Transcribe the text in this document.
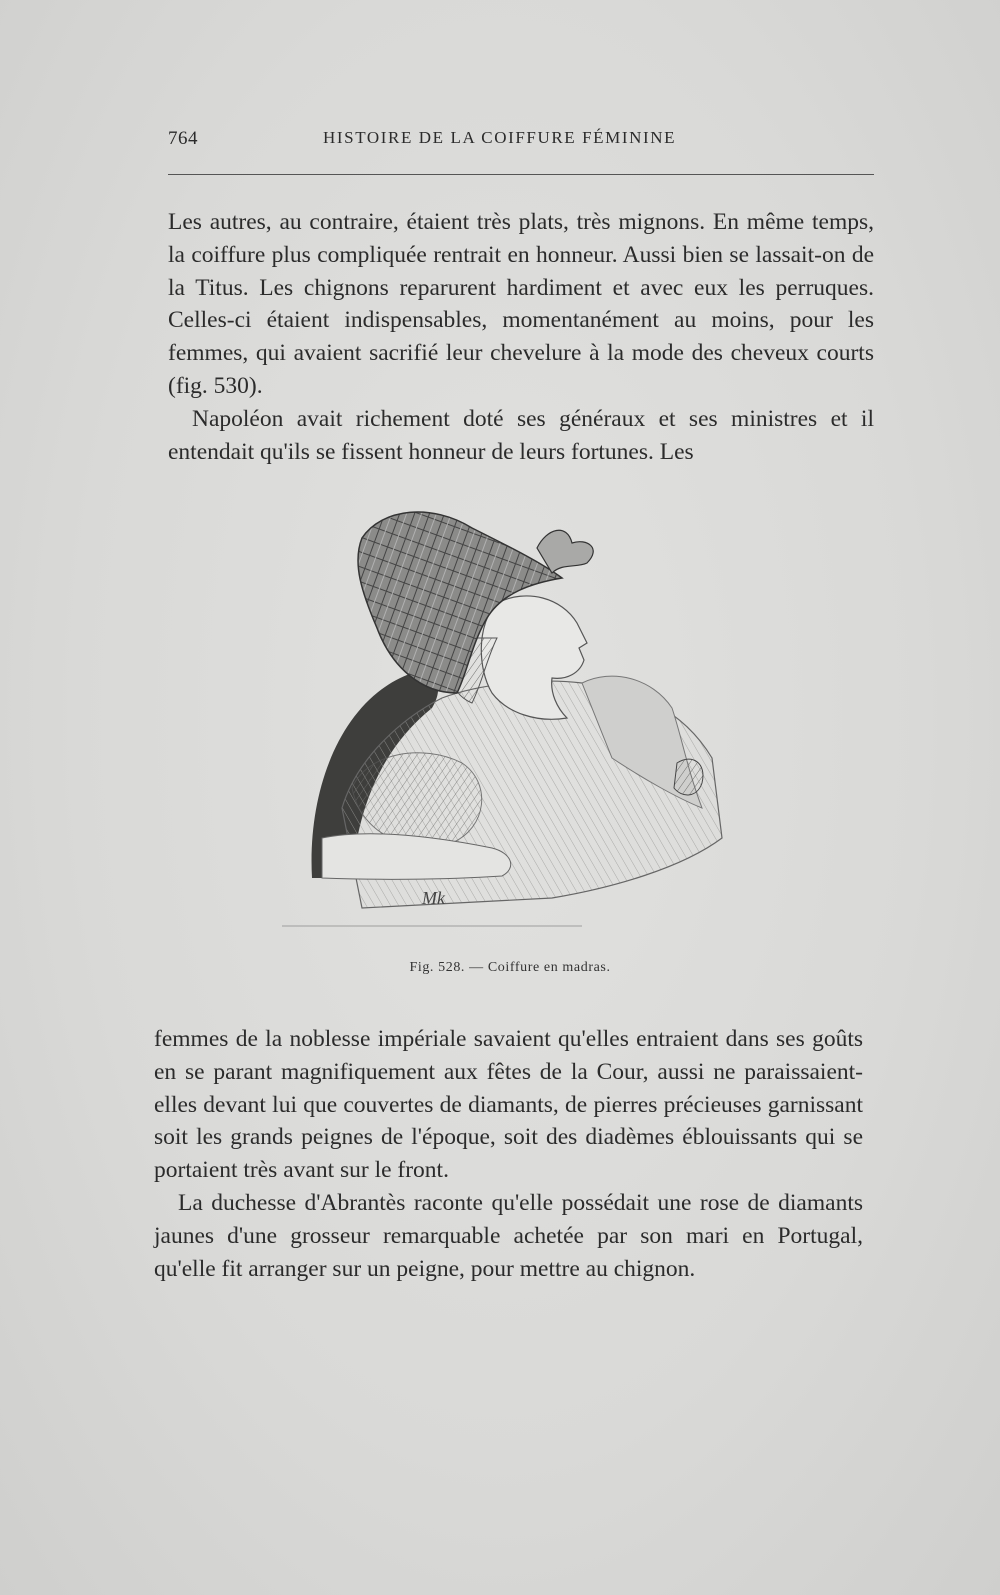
764	HISTOIRE DE LA COIFFURE FÉMININE

Les autres, au contraire, étaient très plats, très mignons. En même temps, la coiffure plus compliquée rentrait en honneur. Aussi bien se lassait-on de la Titus. Les chignons reparurent hardiment et avec eux les perruques. Celles-ci étaient indispensables, momentanément au moins, pour les femmes, qui avaient sacrifié leur chevelure à la mode des cheveux courts (fig. 530).

Napoléon avait richement doté ses généraux et ses ministres et il entendait qu'ils se fissent honneur de leurs fortunes. Les

Mk
Fig. 528. — Coiffure en madras.

femmes de la noblesse impériale savaient qu'elles entraient dans ses goûts en se parant magnifiquement aux fêtes de la Cour, aussi ne paraissaient-elles devant lui que couvertes de diamants, de pierres précieuses garnissant soit les grands peignes de l'époque, soit des diadèmes éblouissants qui se portaient très avant sur le front.

La duchesse d'Abrantès raconte qu'elle possédait une rose de diamants jaunes d'une grosseur remarquable achetée par son mari en Portugal, qu'elle fit arranger sur un peigne, pour mettre au chignon.
